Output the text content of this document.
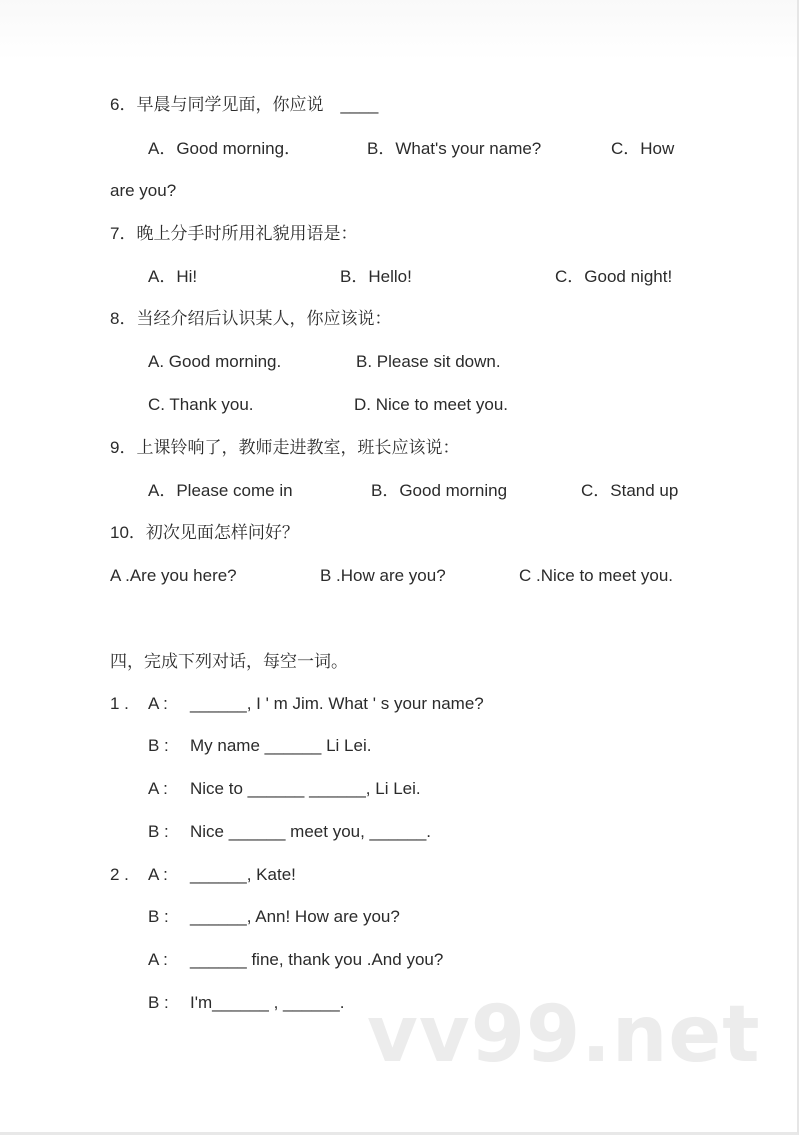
6．早晨与同学见面，你应说　____
A．Good morning．	B．What's your name?	C．How
are you?
7．晚上分手时所用礼貌用语是：
A．Hi!	B．Hello!	C．Good night!
8．当经介绍后认识某人，你应该说：
A. Good morning.	B. Please sit down.
C. Thank you.	D. Nice to meet you.
9．上课铃响了，教师走进教室，班长应该说：
A．Please come in	B．Good morning	C．Stand up
10．初次见面怎样问好？
A .Are you here?	B .How are you?	C .Nice to meet you.
四，完成下列对话，每空一词。
1 . A : ______, I ' m Jim. What ' s your name?
B : My name ______ Li Lei.
A : Nice to ______ ______, Li Lei.
B : Nice ______ meet you, ______.
2 . A : ______, Kate!
B : ______, Ann! How are you?
A : ______ fine, thank you .And you?
B : I'm______ , ______. vv99.net
